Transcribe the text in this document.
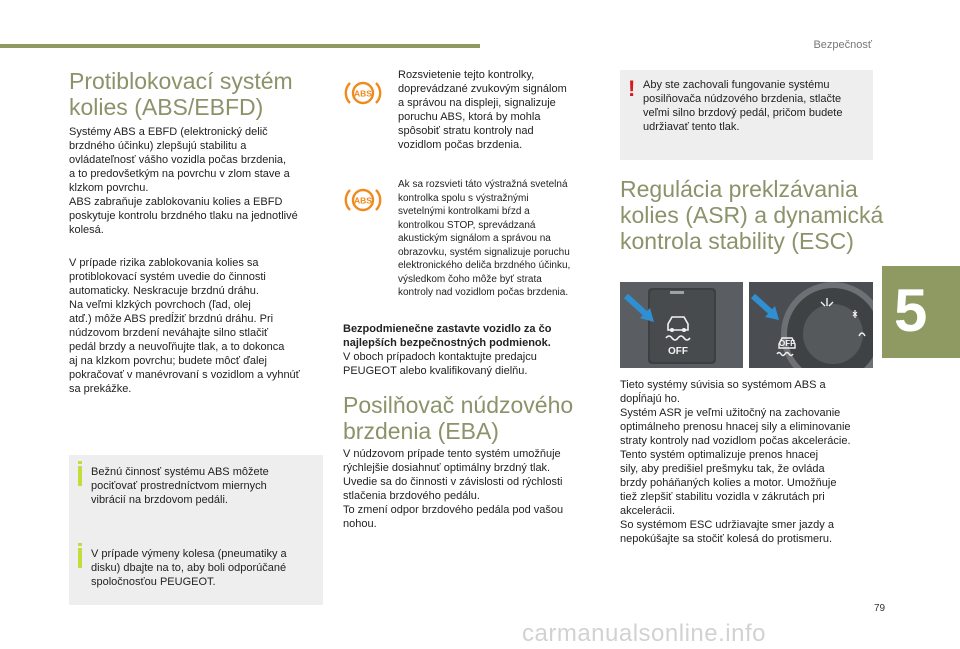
Bezpečnosť
5
79
Protiblokovací systém
kolies (ABS/EBFD)
Systémy ABS a EBFD (elektronický delič
brzdného účinku) zlepšujú stabilitu a
ovládateľnosť vášho vozidla počas brzdenia,
a to predovšetkým na povrchu v zlom stave a
klzkom povrchu.
ABS zabraňuje zablokovaniu kolies a EBFD
poskytuje kontrolu brzdného tlaku na jednotlivé
kolesá.
V prípade rizika zablokovania kolies sa
protiblokovací systém uvedie do činnosti
automaticky. Neskracuje brzdnú dráhu.
Na veľmi klzkých povrchoch (ľad, olej
atď.) môže ABS predĺžiť brzdnú dráhu. Pri
núdzovom brzdení neváhajte silno stlačiť
pedál brzdy a neuvoľňujte tlak, a to dokonca
aj na klzkom povrchu; budete môcť ďalej
pokračovať v manévrovaní s vozidlom a vyhnúť
sa prekážke.
Bežnú činnosť systému ABS môžete
pociťovať prostredníctvom miernych
vibrácií na brzdovom pedáli.
V prípade výmeny kolesa (pneumatiky a
disku) dbajte na to, aby boli odporúčané
spoločnosťou PEUGEOT.
ABS
Rozsvietenie tejto kontrolky,
doprevádzané zvukovým signálom
a správou na displeji, signalizuje
poruchu ABS, ktorá by mohla
spôsobiť stratu kontroly nad
vozidlom počas brzdenia.
ABS
Ak sa rozsvieti táto výstražná svetelná
kontrolka spolu s výstražnými
svetelnými kontrolkami bŕzd a
kontrolkou STOP, sprevádzaná
akustickým signálom a správou na
obrazovku, systém signalizuje poruchu
elektronického deliča brzdného účinku,
výsledkom čoho môže byť strata
kontroly nad vozidlom počas brzdenia.
Bezpodmienečne zastavte vozidlo za čo
najlepších bezpečnostných podmienok.
V oboch prípadoch kontaktujte predajcu
PEUGEOT alebo kvalifikovaný dielňu.
Posilňovač núdzového
brzdenia (EBA)
V núdzovom prípade tento systém umožňuje
rýchlejšie dosiahnuť optimálny brzdný tlak.
Uvedie sa do činnosti v závislosti od rýchlosti
stlačenia brzdového pedálu.
To zmení odpor brzdového pedála pod vašou
nohou.
! Aby ste zachovali fungovanie systému
posilňovača núdzového brzdenia, stlačte
veľmi silno brzdový pedál, pričom budete
udržiavať tento tlak.
Regulácia preklzávania
kolies (ASR) a dynamická
kontrola stability (ESC)
OFF
OFF
Tieto systémy súvisia so systémom ABS a
dopĺňajú ho.
Systém ASR je veľmi užitočný na zachovanie
optimálneho prenosu hnacej sily a eliminovanie
straty kontroly nad vozidlom počas akcelerácie.
Tento systém optimalizuje prenos hnacej
sily, aby predišiel prešmyku tak, že ovláda
brzdy poháňaných kolies a motor. Umožňuje
tiež zlepšiť stabilitu vozidla v zákrutách pri
akcelerácii.
So systémom ESC udržiavajte smer jazdy a
nepokúšajte sa stočiť kolesá do protismeru.
carmanualsonline.info
